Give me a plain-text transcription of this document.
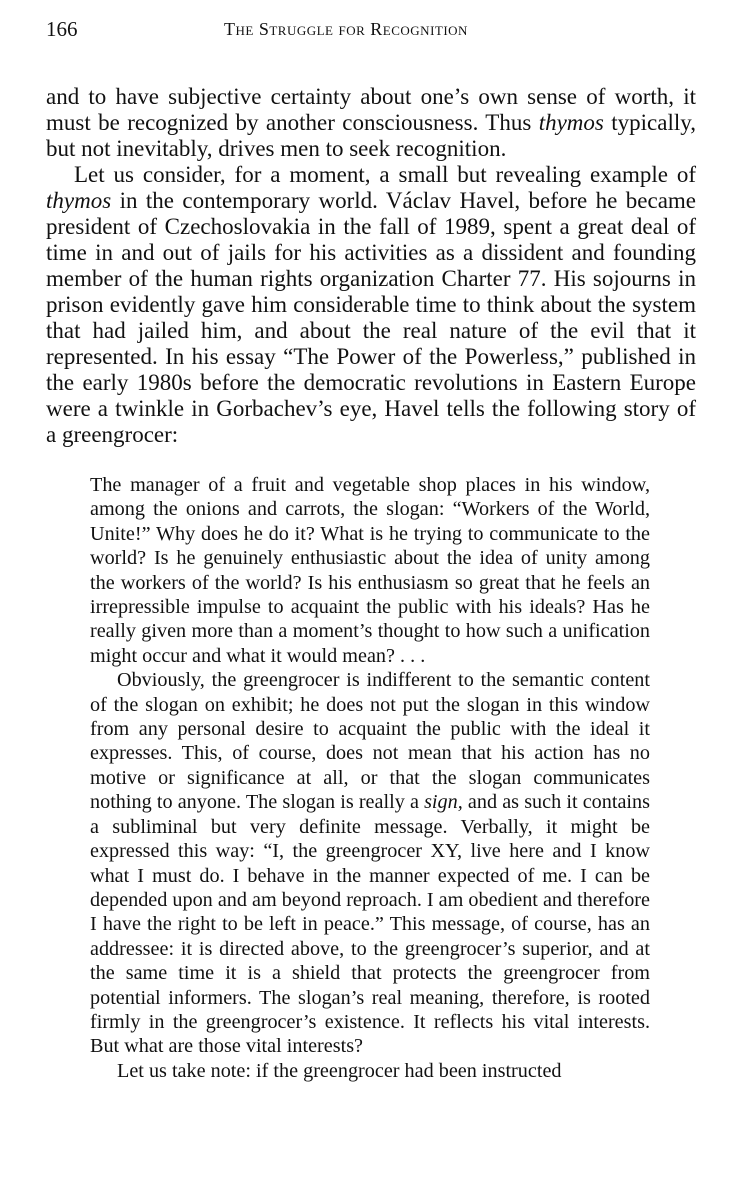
166	The Struggle for Recognition

and to have subjective certainty about one’s own sense of worth, it must be recognized by another consciousness. Thus thymos typically, but not inevitably, drives men to seek recognition.

Let us consider, for a moment, a small but revealing example of thymos in the contemporary world. Václav Havel, before he became president of Czechoslovakia in the fall of 1989, spent a great deal of time in and out of jails for his activities as a dissident and founding member of the human rights organization Charter 77. His sojourns in prison evidently gave him considerable time to think about the system that had jailed him, and about the real nature of the evil that it represented. In his essay “The Power of the Powerless,” published in the early 1980s before the democratic revolutions in Eastern Europe were a twinkle in Gorbachev’s eye, Havel tells the following story of a greengrocer:

The manager of a fruit and vegetable shop places in his window, among the onions and carrots, the slogan: “Workers of the World, Unite!” Why does he do it? What is he trying to communicate to the world? Is he genuinely enthusiastic about the idea of unity among the workers of the world? Is his enthusiasm so great that he feels an irrepressible impulse to acquaint the public with his ideals? Has he really given more than a moment’s thought to how such a unification might occur and what it would mean? . . .

Obviously, the greengrocer is indifferent to the semantic content of the slogan on exhibit; he does not put the slogan in this window from any personal desire to acquaint the public with the ideal it expresses. This, of course, does not mean that his action has no motive or significance at all, or that the slogan communicates nothing to anyone. The slogan is really a sign, and as such it contains a subliminal but very definite message. Verbally, it might be expressed this way: “I, the greengrocer XY, live here and I know what I must do. I behave in the manner expected of me. I can be depended upon and am beyond reproach. I am obedient and therefore I have the right to be left in peace.” This message, of course, has an addressee: it is directed above, to the greengrocer’s superior, and at the same time it is a shield that protects the greengrocer from potential informers. The slogan’s real meaning, therefore, is rooted firmly in the greengrocer’s existence. It reflects his vital interests. But what are those vital interests?

Let us take note: if the greengrocer had been instructed
